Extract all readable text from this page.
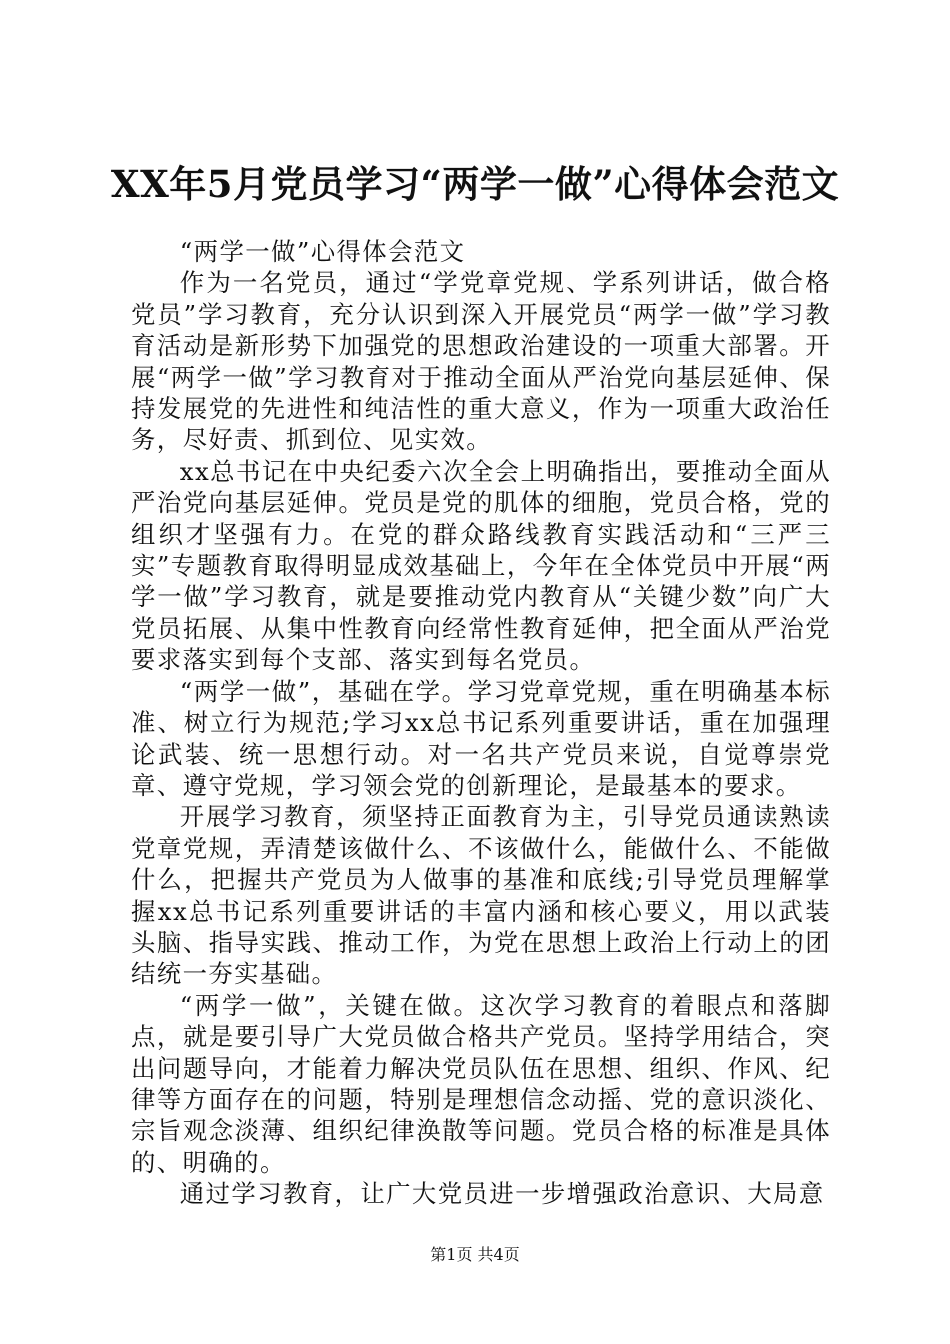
XX年5月党员学习“两学一做”心得体会范文

“两学一做”心得体会范文

作为一名党员，通过“学党章党规、学系列讲话，做合格党员”学习教育，充分认识到深入开展党员“两学一做”学习教育活动是新形势下加强党的思想政治建设的一项重大部署。开展“两学一做”学习教育对于推动全面从严治党向基层延伸、保持发展党的先进性和纯洁性的重大意义，作为一项重大政治任务，尽好责、抓到位、见实效。

xx总书记在中央纪委六次全会上明确指出，要推动全面从严治党向基层延伸。党员是党的肌体的细胞，党员合格，党的组织才坚强有力。在党的群众路线教育实践活动和“三严三实”专题教育取得明显成效基础上，今年在全体党员中开展“两学一做”学习教育，就是要推动党内教育从“关键少数”向广大党员拓展、从集中性教育向经常性教育延伸，把全面从严治党要求落实到每个支部、落实到每名党员。

“两学一做”，基础在学。学习党章党规，重在明确基本标准、树立行为规范;学习xx总书记系列重要讲话，重在加强理论武装、统一思想行动。对一名共产党员来说，自觉尊崇党章、遵守党规，学习领会党的创新理论，是最基本的要求。

开展学习教育，须坚持正面教育为主，引导党员通读熟读党章党规，弄清楚该做什么、不该做什么，能做什么、不能做什么，把握共产党员为人做事的基准和底线;引导党员理解掌握xx总书记系列重要讲话的丰富内涵和核心要义，用以武装头脑、指导实践、推动工作，为党在思想上政治上行动上的团结统一夯实基础。

“两学一做”，关键在做。这次学习教育的着眼点和落脚点，就是要引导广大党员做合格共产党员。坚持学用结合，突出问题导向，才能着力解决党员队伍在思想、组织、作风、纪律等方面存在的问题，特别是理想信念动摇、党的意识淡化、宗旨观念淡薄、组织纪律涣散等问题。党员合格的标准是具体的、明确的。

通过学习教育，让广大党员进一步增强政治意识、大局意

第1页 共4页
